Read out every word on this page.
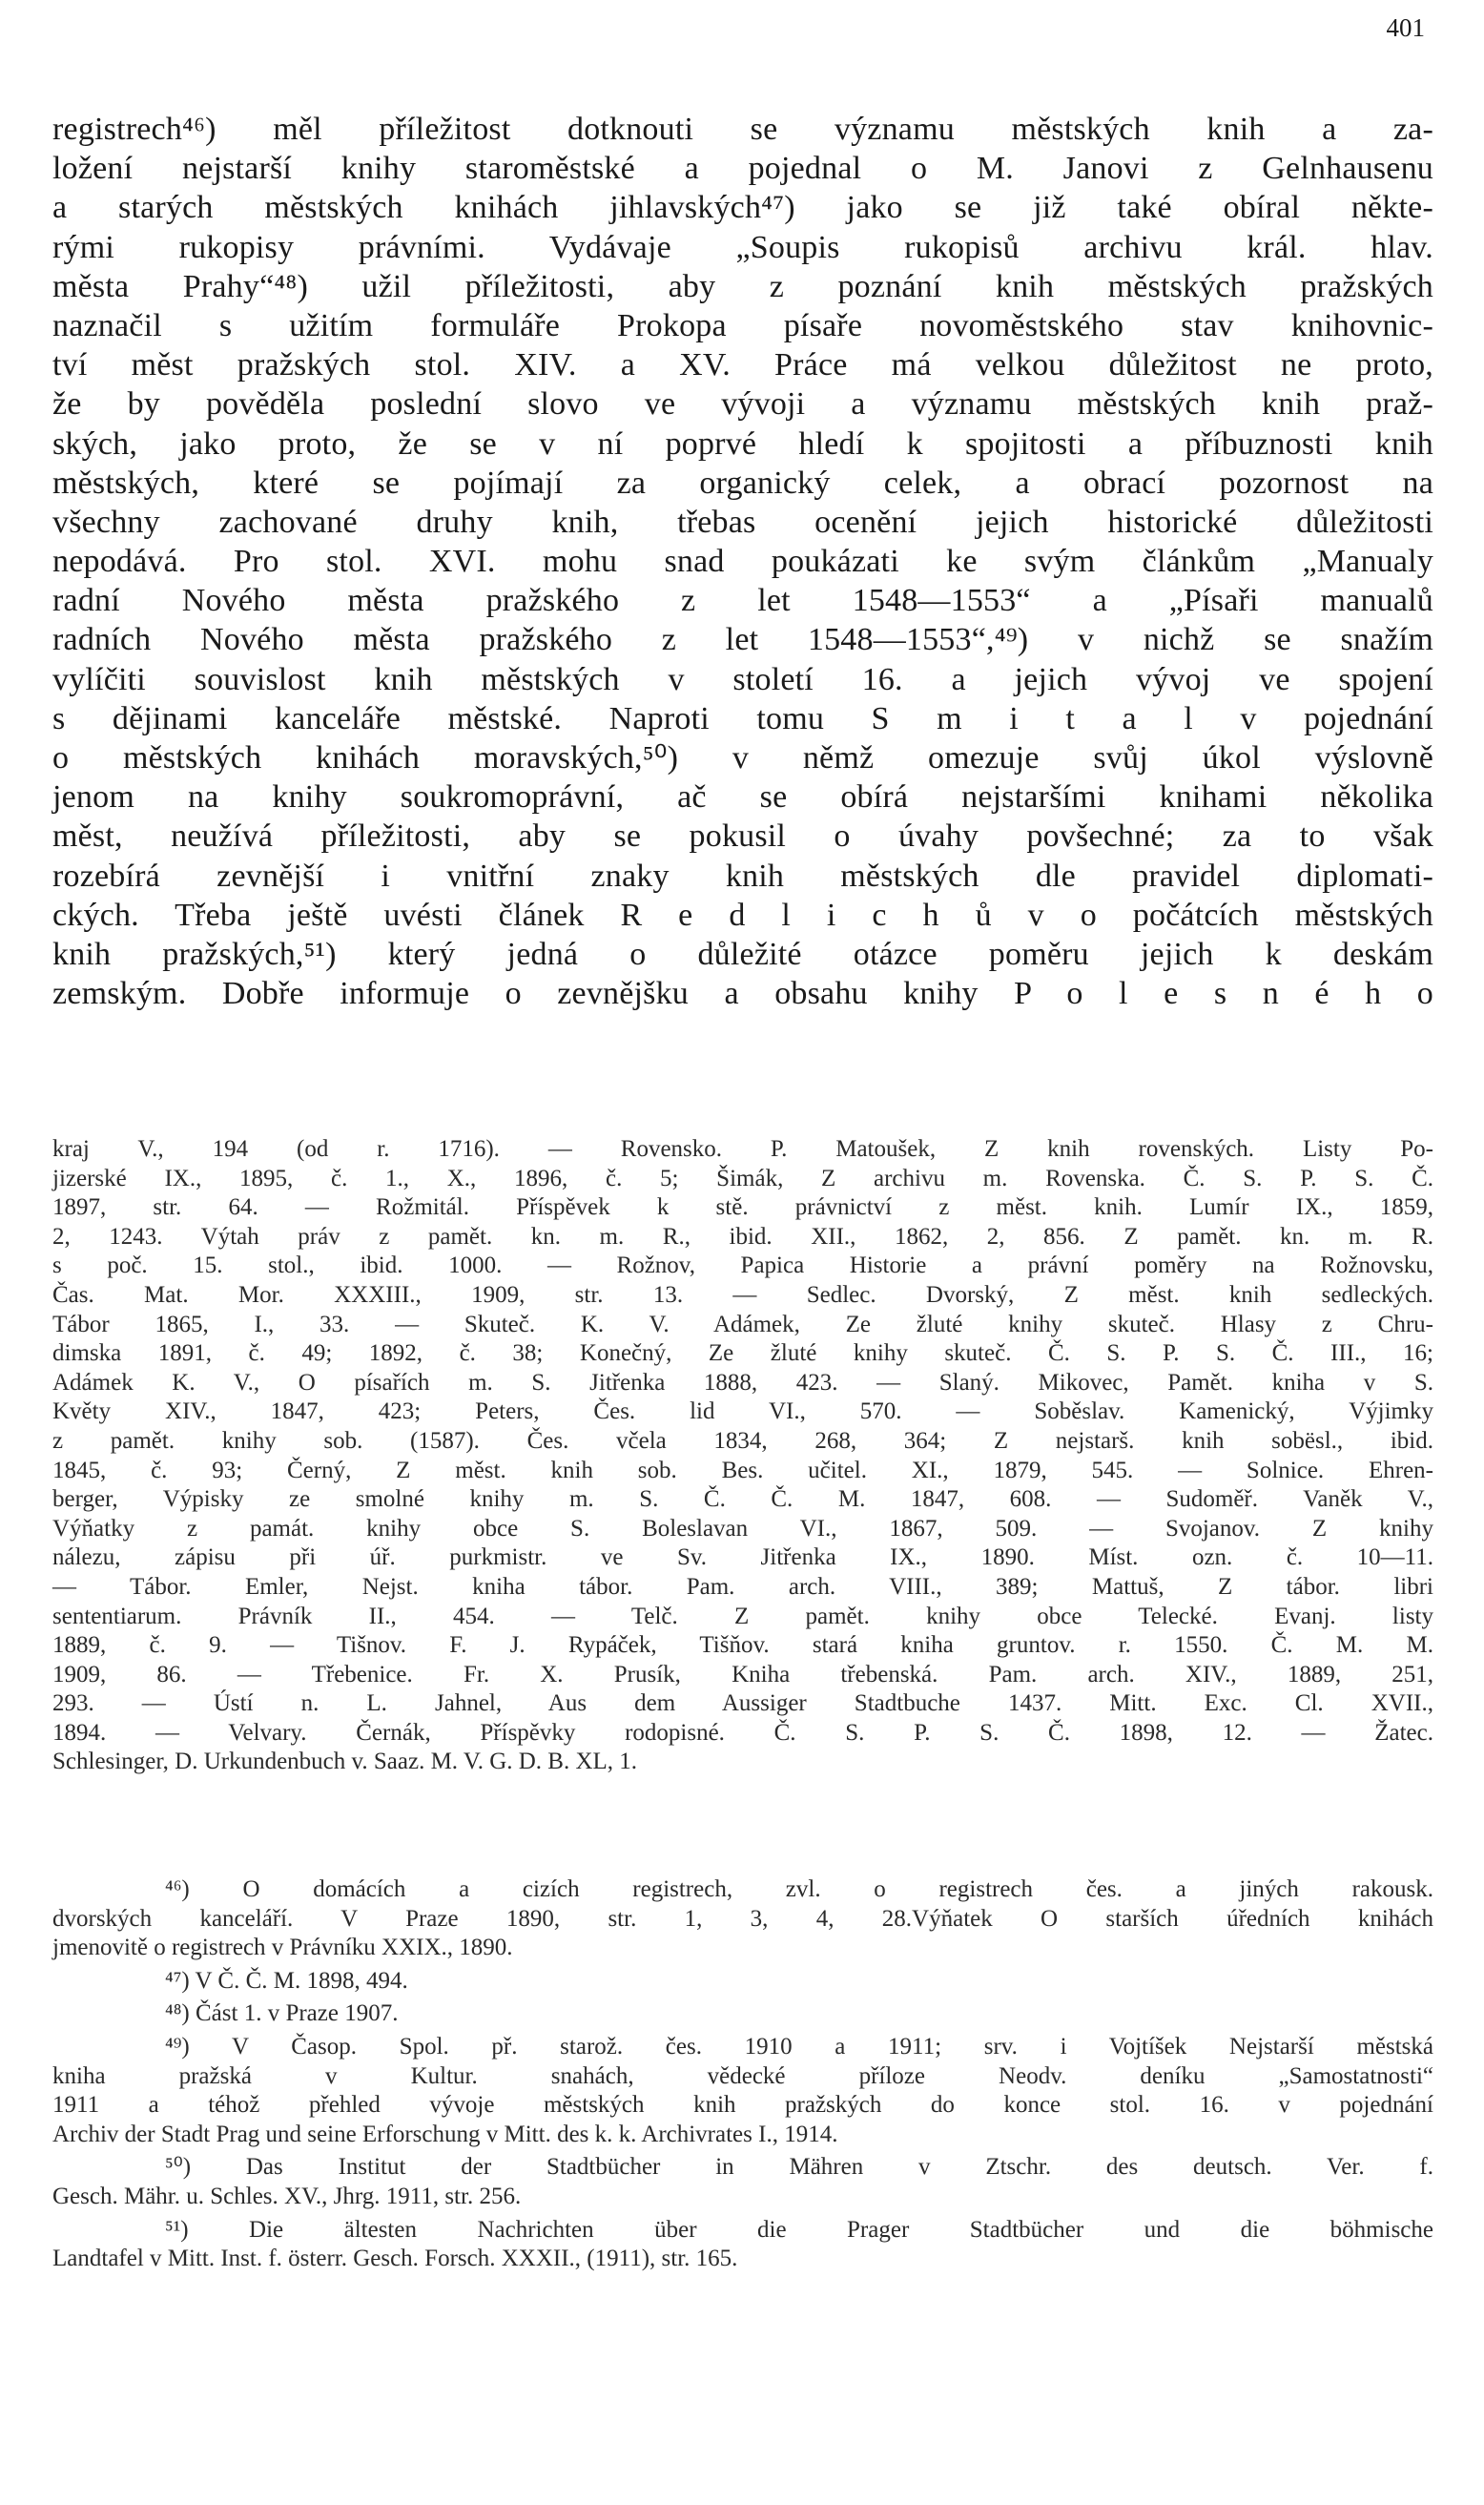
401
registrech⁴⁶) měl příležitost dotknouti se významu městských knih a za-
ložení nejstarší knihy staroměstské a pojednal o M. Janovi z Gelnhausenu
a starých městských knihách jihlavských⁴⁷) jako se již také obíral někte-
rými rukopisy právními. Vydávaje „Soupis rukopisů archivu král. hlav.
města Prahy“⁴⁸) užil příležitosti, aby z poznání knih městských pražských
naznačil s užitím formuláře Prokopa písaře novoměstského stav knihovnic-
tví měst pražských stol. XIV. a XV. Práce má velkou důležitost ne proto,
že by pověděla poslední slovo ve vývoji a významu městských knih praž-
ských, jako proto, že se v ní poprvé hledí k spojitosti a příbuznosti knih
městských, které se pojímají za organický celek, a obrací pozornost na
všechny zachované druhy knih, třebas ocenění jejich historické důležitosti
nepodává. Pro stol. XVI. mohu snad poukázati ke svým článkům „Manualy
radní Nového města pražského z let 1548—1553“ a „Písaři manualů
radních Nového města pražského z let 1548—1553“,⁴⁹) v nichž se snažím
vylíčiti souvislost knih městských v století 16. a jejich vývoj ve spojení
s dějinami kanceláře městské. Naproti tomu S m i t a l v pojednání
o městských knihách moravských,⁵⁰) v němž omezuje svůj úkol výslovně
jenom na knihy soukromoprávní, ač se obírá nejstaršími knihami několika
měst, neužívá příležitosti, aby se pokusil o úvahy povšechné; za to však
rozebírá zevnější i vnitřní znaky knih městských dle pravidel diplomati-
ckých. Třeba ještě uvésti článek R e d l i c h ů v o počátcích městských
knih pražských,⁵¹) který jedná o důležité otázce poměru jejich k deskám
zemským. Dobře informuje o zevnějšku a obsahu knihy P o l e s n é h o
kraj V., 194 (od r. 1716). — Rovensko. P. Matoušek, Z knih rovenských. Listy Po-
jizerské IX., 1895, č. 1., X., 1896, č. 5; Šimák, Z archivu m. Rovenska. Č. S. P. S. Č.
1897, str. 64. — Rožmitál. Příspěvek k stě. právnictví z měst. knih. Lumír IX., 1859,
2, 1243. Výtah práv z pamět. kn. m. R., ibid. XII., 1862, 2, 856. Z pamět. kn. m. R.
s poč. 15. stol., ibid. 1000. — Rožnov, Papica Historie a právní poměry na Rožnovsku,
Čas. Mat. Mor. XXXIII., 1909, str. 13. — Sedlec. Dvorský, Z měst. knih sedleckých.
Tábor 1865, I., 33. — Skuteč. K. V. Adámek, Ze žluté knihy skuteč. Hlasy z Chru-
dimska 1891, č. 49; 1892, č. 38; Konečný, Ze žluté knihy skuteč. Č. S. P. S. Č. III., 16;
Adámek K. V., O písařích m. S. Jitřenka 1888, 423. — Slaný. Mikovec, Pamět. kniha v S.
Květy XIV., 1847, 423; Peters, Čes. lid VI., 570. — Soběslav. Kamenický, Výjimky
z pamět. knihy sob. (1587). Čes. včela 1834, 268, 364; Z nejstarš. knih sobësl., ibid.
1845, č. 93; Černý, Z měst. knih sob. Bes. učitel. XI., 1879, 545. — Solnice. Ehren-
berger, Výpisky ze smolné knihy m. S. Č. Č. M. 1847, 608. — Sudoměř. Vaněk V.,
Výňatky z památ. knihy obce S. Boleslavan VI., 1867, 509. — Svojanov. Z knihy
nálezu, zápisu při úř. purkmistr. ve Sv. Jitřenka IX., 1890. Míst. ozn. č. 10—11.
— Tábor. Emler, Nejst. kniha tábor. Pam. arch. VIII., 389; Mattuš, Z tábor. libri
sententiarum. Právník II., 454. — Telč. Z pamět. knihy obce Telecké. Evanj. listy
1889, č. 9. — Tišnov. F. J. Rypáček, Tišňov. stará kniha gruntov. r. 1550. Č. M. M.
1909, 86. — Třebenice. Fr. X. Prusík, Kniha třebenská. Pam. arch. XIV., 1889, 251,
293. — Ústí n. L. Jahnel, Aus dem Aussiger Stadtbuche 1437. Mitt. Exc. Cl. XVII.,
1894. — Velvary. Černák, Příspěvky rodopisné. Č. S. P. S. Č. 1898, 12. — Žatec.
Schlesinger, D. Urkundenbuch v. Saaz. M. V. G. D. B. XL, 1.
⁴⁶) O domácích a cizích registrech, zvl. o registrech čes. a jiných rakousk.
dvorských kanceláří. V Praze 1890, str. 1, 3, 4, 28.Výňatek O starších úředních knihách
jmenovitě o registrech v Právníku XXIX., 1890.
⁴⁷) V Č. Č. M. 1898, 494.
⁴⁸) Část 1. v Praze 1907.
⁴⁹) V Časop. Spol. př. starož. čes. 1910 a 1911; srv. i Vojtíšek Nejstarší městská
kniha pražská v Kultur. snahách, vědecké příloze Neodv. deníku „Samostatnosti“
1911 a téhož přehled vývoje městských knih pražských do konce stol. 16. v pojednání
Archiv der Stadt Prag und seine Erforschung v Mitt. des k. k. Archivrates I., 1914.
⁵⁰) Das Institut der Stadtbücher in Mähren v Ztschr. des deutsch. Ver. f.
Gesch. Mähr. u. Schles. XV., Jhrg. 1911, str. 256.
⁵¹) Die ältesten Nachrichten über die Prager Stadtbücher und die böhmische
Landtafel v Mitt. Inst. f. österr. Gesch. Forsch. XXXII., (1911), str. 165.
